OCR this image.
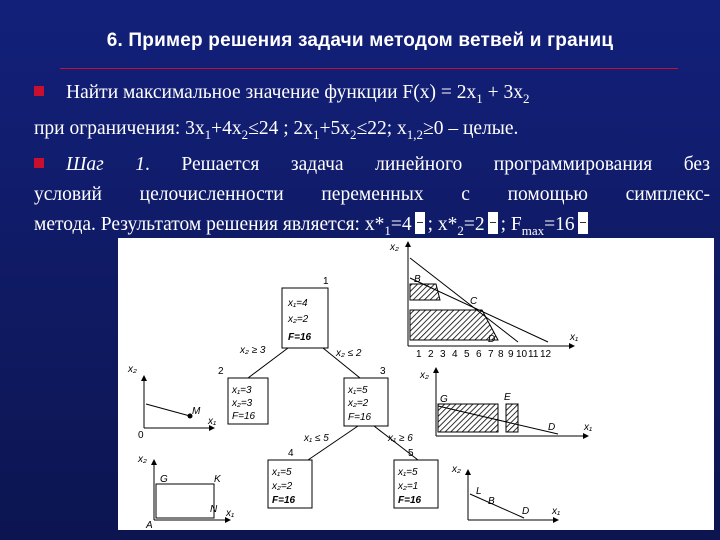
6. Пример решения задачи методом ветвей и границ
Найти максимальное значение функции $F(x) = 2x_1 + 3x_2$
при ограничения: $3x_1+4x_2\le 24$ ; $2x_1+5x_2\le 22$; $x_{1,2}\ge 0$ – целые.
Шаг 1. Решается задача линейного программирования без
условий целочисленности переменных с помощью симплекс-
метода. Результатом решения является: $x*_1=4$ ; $x*_2=2$ ; $F_{max}=16$
1
x₁=4
x₂=2
F=16
x₂ ≥ 3	x₂ ≤ 2
2
x₁=3
x₂=3
F=16
3
x₁=5
x₂=2
F=16
x₁ ≤ 5	x₁ ≥ 6
4
x₁=5
x₂=2
F=16
5
x₁=5
x₂=1
F=16
x₂
x₁
B
C
D
1 2 3 4 5 6 7 8 9 10 11 12
x₂
x₁
G	E
D
x₂
x₁
M
0
x₂
x₁
G	K
N
A
x₂
x₁
L
B
D
